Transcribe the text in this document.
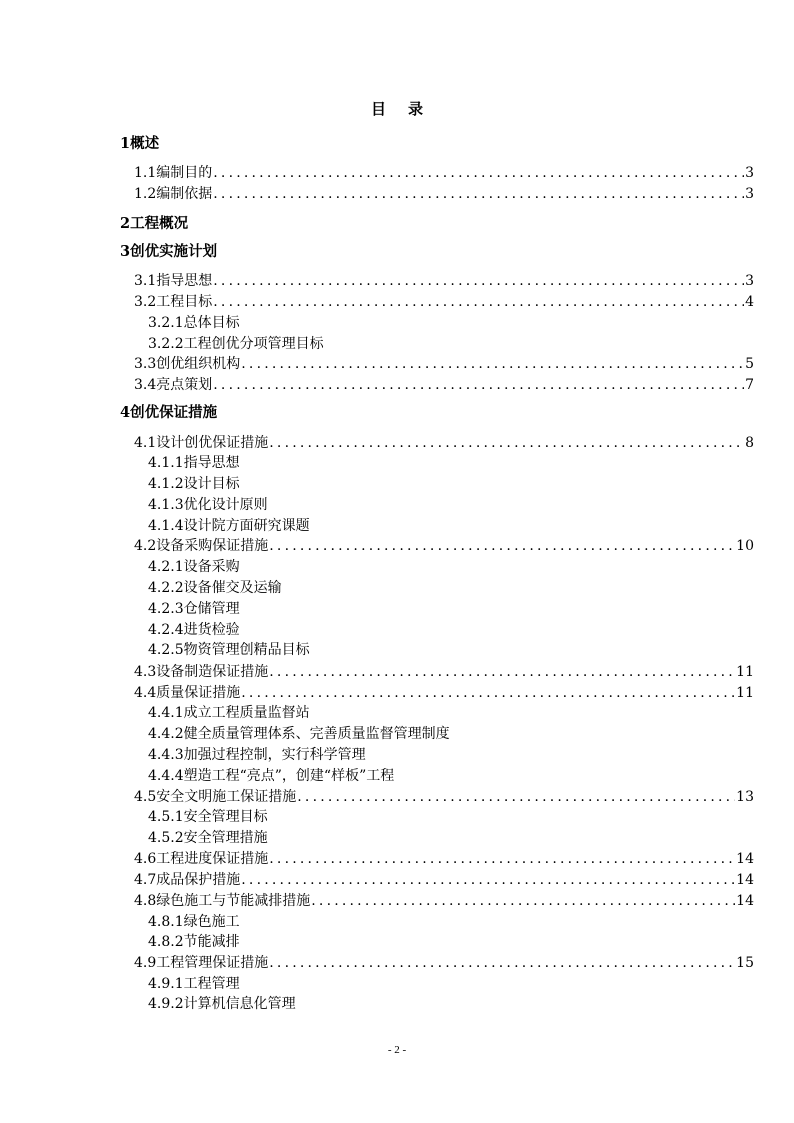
目录
1概述
1.1编制目的 .....	3
1.2编制依据 .....	3
2工程概况
3创优实施计划
3.1指导思想 .....	3
3.2工程目标 .....	4
3.2.1总体目标
3.2.2工程创优分项管理目标
3.3创优组织机构 .....	5
3.4亮点策划 .....	7
4创优保证措施
4.1设计创优保证措施 .....	8
4.1.1指导思想
4.1.2设计目标
4.1.3优化设计原则
4.1.4设计院方面研究课题
4.2设备采购保证措施 .....	10
4.2.1设备采购
4.2.2设备催交及运输
4.2.3仓储管理
4.2.4进货检验
4.2.5物资管理创精品目标
4.3设备制造保证措施 .....	11
4.4质量保证措施 .....	11
4.4.1成立工程质量监督站
4.4.2健全质量管理体系、完善质量监督管理制度
4.4.3加强过程控制，实行科学管理
4.4.4塑造工程“亮点”，创建“样板”工程
4.5安全文明施工保证措施 .....	13
4.5.1安全管理目标
4.5.2安全管理措施
4.6工程进度保证措施 .....	14
4.7成品保护措施 .....	14
4.8绿色施工与节能减排措施 .....	14
4.8.1绿色施工
4.8.2节能减排
4.9工程管理保证措施 .....	15
4.9.1工程管理
4.9.2计算机信息化管理
- 2 -
